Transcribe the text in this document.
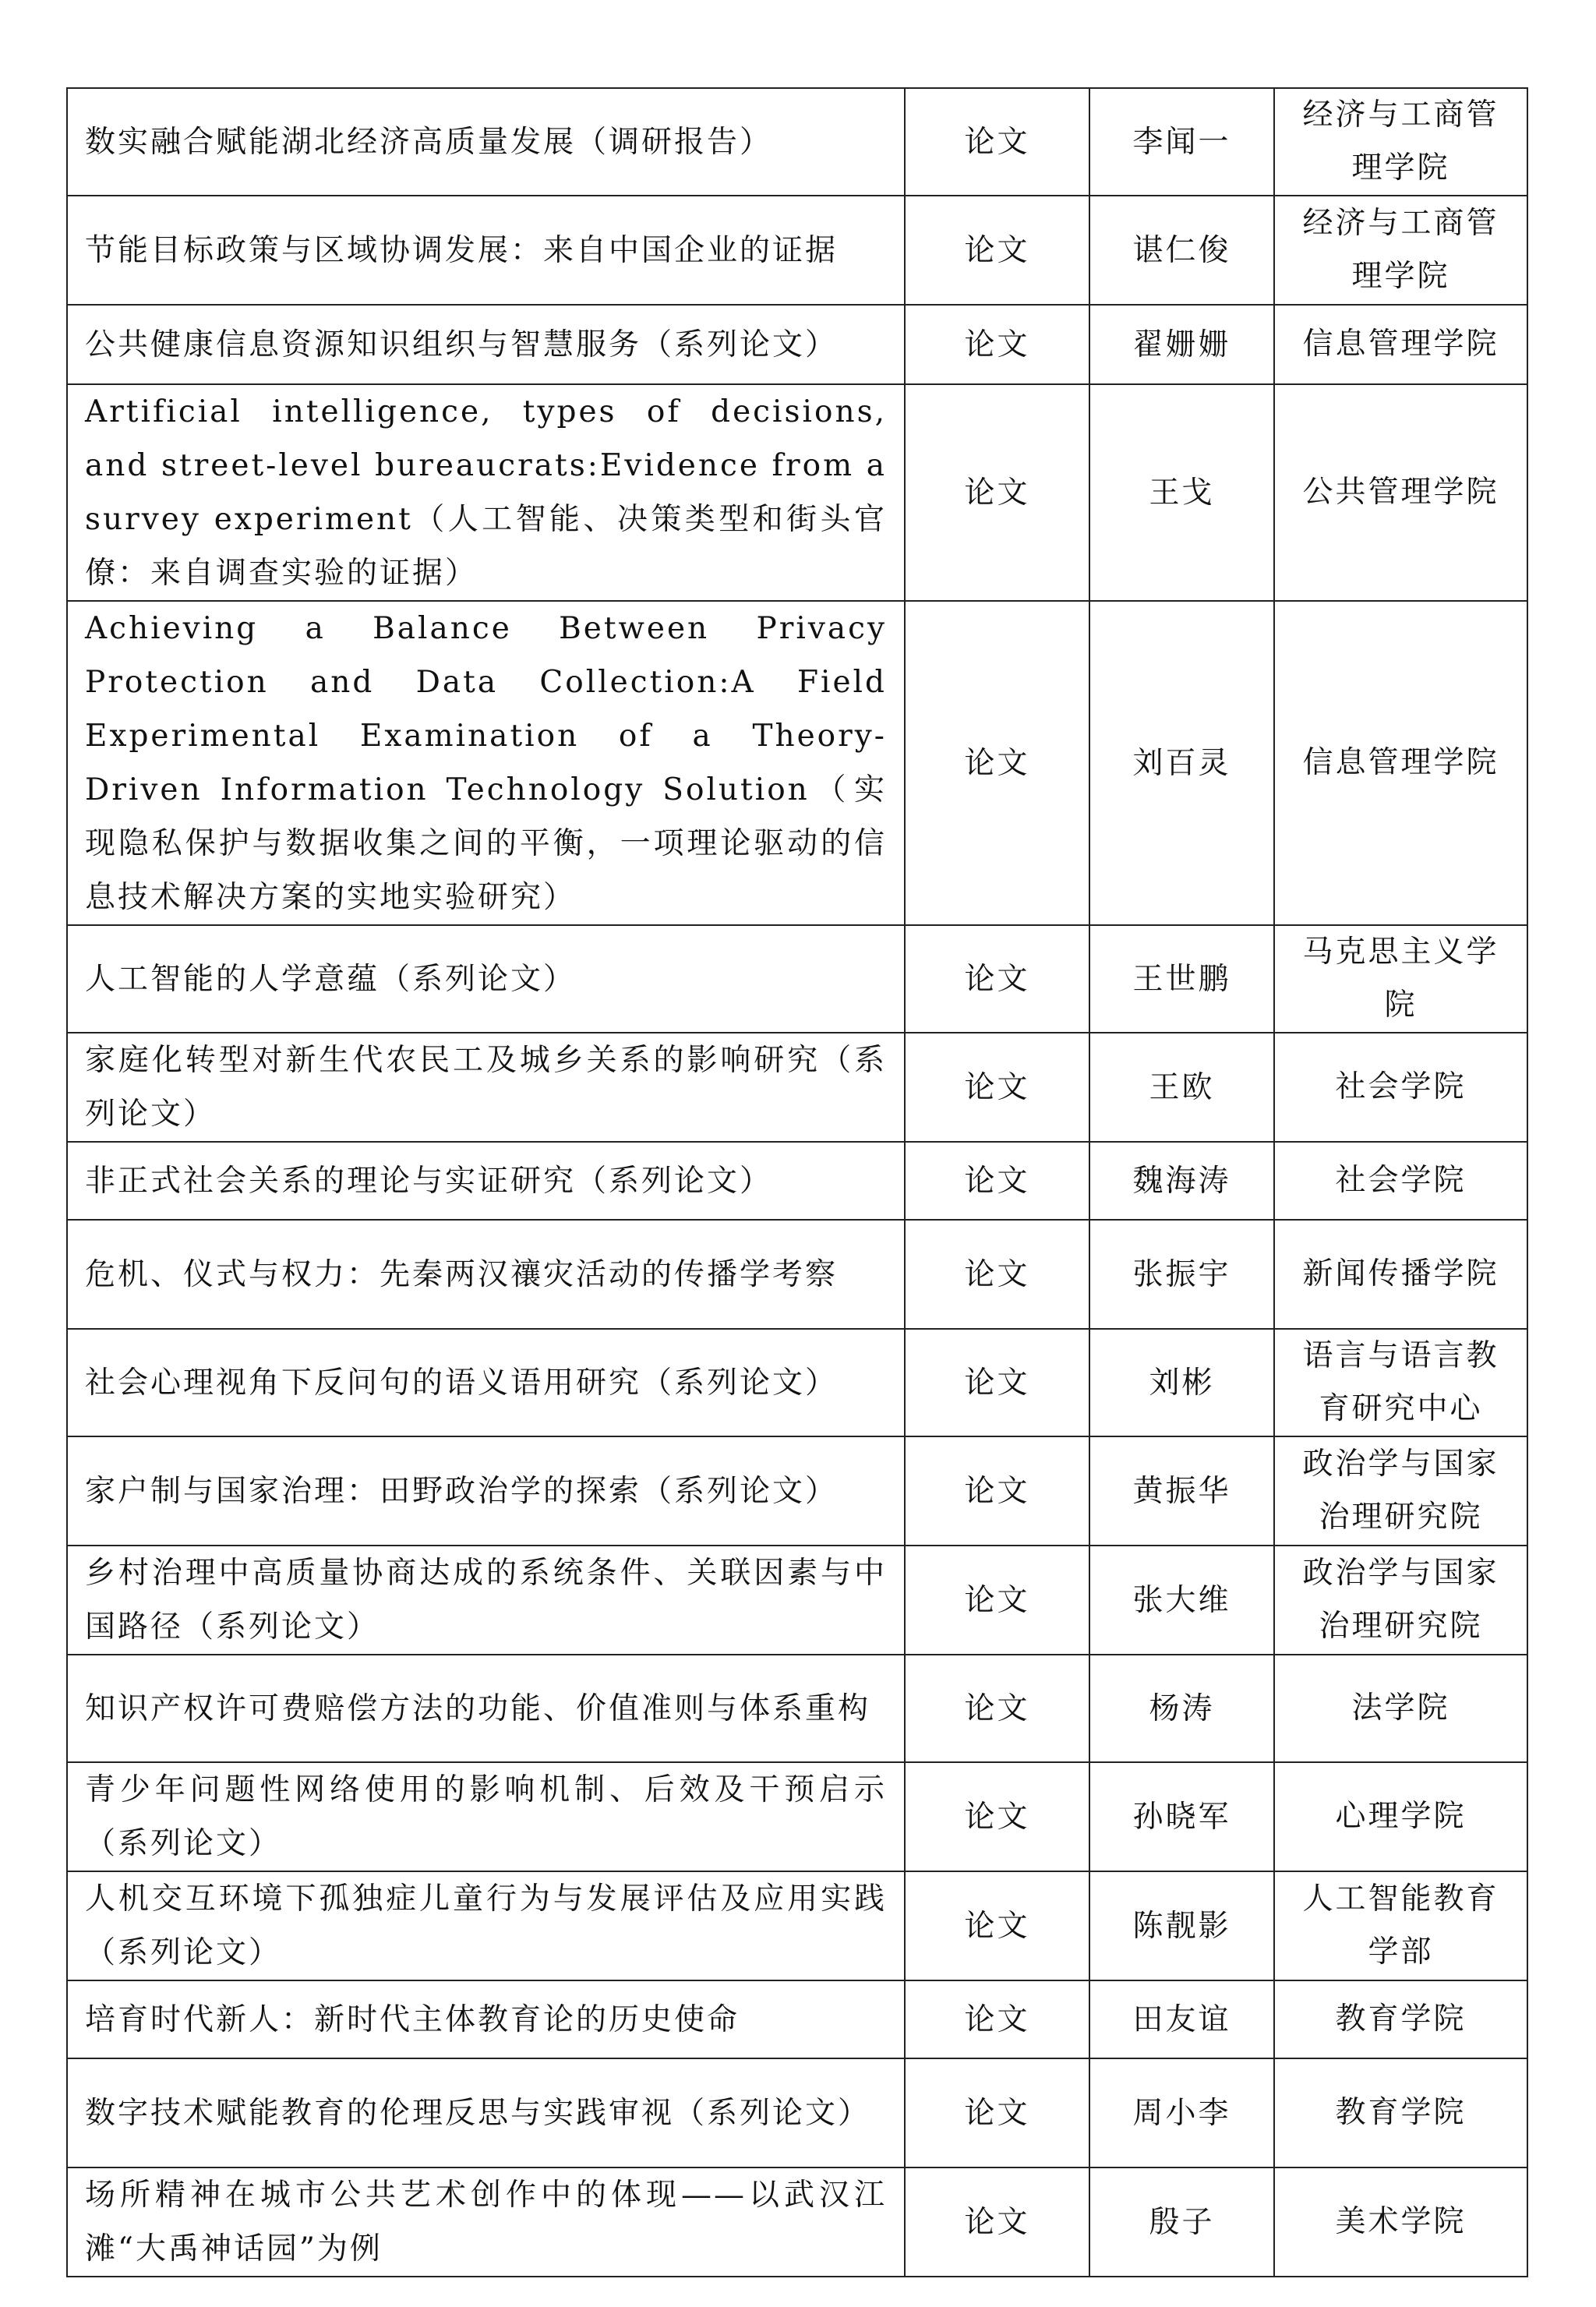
数实融合赋能湖北经济高质量发展（调研报告）	论文	李闻一	经济与工商管理学院
节能目标政策与区域协调发展：来自中国企业的证据	论文	谌仁俊	经济与工商管理学院
公共健康信息资源知识组织与智慧服务（系列论文）	论文	翟姗姗	信息管理学院
Artificial intelligence, types of decisions, and street-level bureaucrats:Evidence from a survey experiment（人工智能、决策类型和街头官僚：来自调查实验的证据）	论文	王戈	公共管理学院
Achieving a Balance Between Privacy Protection and Data Collection:A Field Experimental Examination of a Theory-Driven Information Technology Solution（实现隐私保护与数据收集之间的平衡，一项理论驱动的信息技术解决方案的实地实验研究）	论文	刘百灵	信息管理学院
人工智能的人学意蕴（系列论文）	论文	王世鹏	马克思主义学院
家庭化转型对新生代农民工及城乡关系的影响研究（系列论文）	论文	王欧	社会学院
非正式社会关系的理论与实证研究（系列论文）	论文	魏海涛	社会学院
危机、仪式与权力：先秦两汉禳灾活动的传播学考察	论文	张振宇	新闻传播学院
社会心理视角下反问句的语义语用研究（系列论文）	论文	刘彬	语言与语言教育研究中心
家户制与国家治理：田野政治学的探索（系列论文）	论文	黄振华	政治学与国家治理研究院
乡村治理中高质量协商达成的系统条件、关联因素与中国路径（系列论文）	论文	张大维	政治学与国家治理研究院
知识产权许可费赔偿方法的功能、价值准则与体系重构	论文	杨涛	法学院
青少年问题性网络使用的影响机制、后效及干预启示（系列论文）	论文	孙晓军	心理学院
人机交互环境下孤独症儿童行为与发展评估及应用实践（系列论文）	论文	陈靓影	人工智能教育学部
培育时代新人：新时代主体教育论的历史使命	论文	田友谊	教育学院
数字技术赋能教育的伦理反思与实践审视（系列论文）	论文	周小李	教育学院
场所精神在城市公共艺术创作中的体现——以武汉江滩“大禹神话园”为例	论文	殷子	美术学院
